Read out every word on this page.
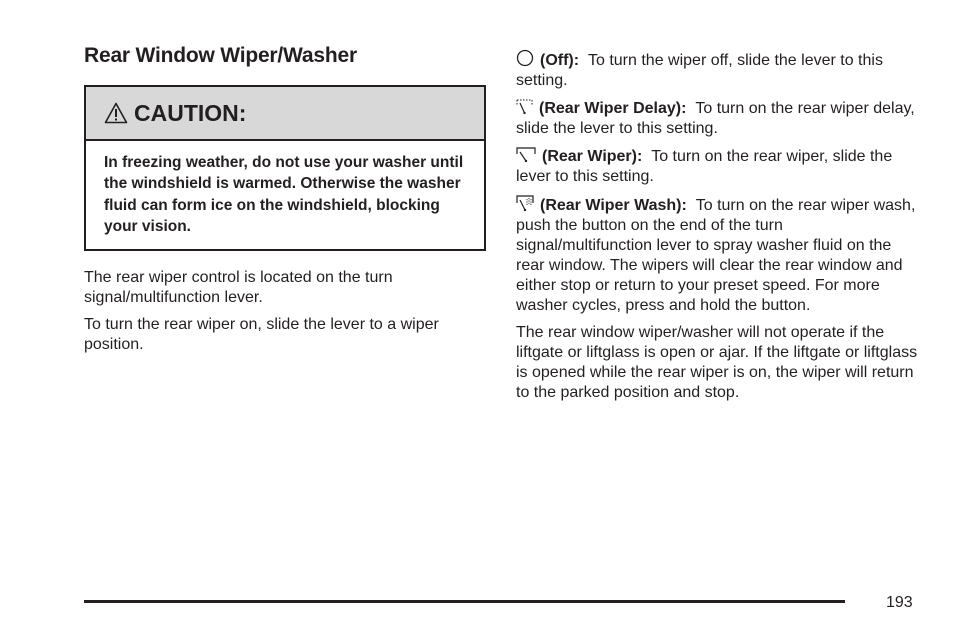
Rear Window Wiper/Washer
CAUTION:
In freezing weather, do not use your washer until the windshield is warmed. Otherwise the washer fluid can form ice on the windshield, blocking your vision.

The rear wiper control is located on the turn signal/multifunction lever.

To turn the rear wiper on, slide the lever to a wiper position.

(Off): To turn the wiper off, slide the lever to this setting.

(Rear Wiper Delay): To turn on the rear wiper delay, slide the lever to this setting.

(Rear Wiper): To turn on the rear wiper, slide the lever to this setting.

(Rear Wiper Wash): To turn on the rear wiper wash, push the button on the end of the turn signal/multifunction lever to spray washer fluid on the rear window. The wipers will clear the rear window and either stop or return to your preset speed. For more washer cycles, press and hold the button.

The rear window wiper/washer will not operate if the liftgate or liftglass is open or ajar. If the liftgate or liftglass is opened while the rear wiper is on, the wiper will return to the parked position and stop.

193
